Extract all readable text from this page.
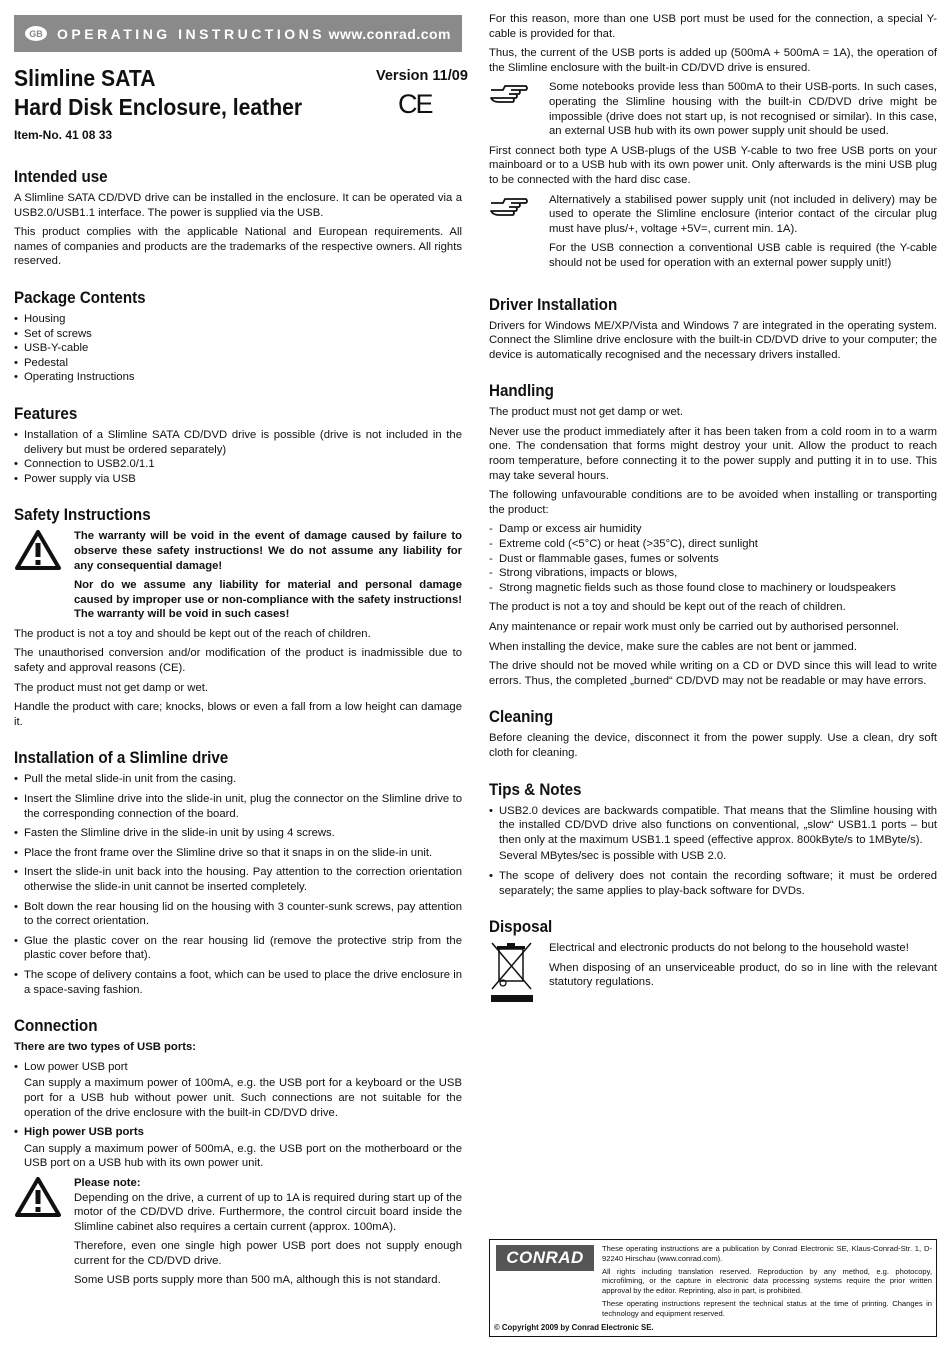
GB	OPERATING INSTRUCTIONS www.conrad.com
Slimline SATA
Hard Disk Enclosure, leather
Version 11/09
CE
Item-No. 41 08 33
Intended use

A Slimline SATA CD/DVD drive can be installed in the enclosure. It can be operated via a USB2.0/USB1.1 interface. The power is supplied via the USB.

This product complies with the applicable National and European requirements. All names of companies and products are the trademarks of the respective owners. All rights reserved.

Package Contents
• Housing
• Set of screws
• USB-Y-cable
• Pedestal
• Operating Instructions
Features
• Installation of a Slimline SATA CD/DVD drive is possible (drive is not included in the delivery but must be ordered separately)
• Connection to USB2.0/1.1
• Power supply via USB
Safety Instructions

The warranty will be void in the event of damage caused by failure to observe these safety instructions! We do not assume any liability for any consequential damage!

Nor do we assume any liability for material and personal damage caused by improper use or non-compliance with the safety instructions! The warranty will be void in such cases!

The product is not a toy and should be kept out of the reach of children.

The unauthorised conversion and/or modification of the product is inadmissible due to safety and approval reasons (CE).

The product must not get damp or wet.

Handle the product with care; knocks, blows or even a fall from a low height can damage it.

Installation of a Slimline drive
• Pull the metal slide-in unit from the casing.
• Insert the Slimline drive into the slide-in unit, plug the connector on the Slimline drive to the corresponding connection of the board.
• Fasten the Slimline drive in the slide-in unit by using 4 screws.
• Place the front frame over the Slimline drive so that it snaps in on the slide-in unit.
• Insert the slide-in unit back into the housing. Pay attention to the correction orientation otherwise the slide-in unit cannot be inserted completely.
• Bolt down the rear housing lid on the housing with 3 counter-sunk screws, pay attention to the correct orientation.
• Glue the plastic cover on the rear housing lid (remove the protective strip from the plastic cover before that).
• The scope of delivery contains a foot, which can be used to place the drive enclosure in a space-saving fashion.
Connection

There are two types of USB ports:

• Low power USB port

Can supply a maximum power of 100mA, e.g. the USB port for a keyboard or the USB port for a USB hub without power unit. Such connections are not suitable for the operation of the drive enclosure with the built-in CD/DVD drive.

• High power USB ports

Can supply a maximum power of 500mA, e.g. the USB port on the motherboard or the USB port on a USB hub with its own power unit.

Please note:

Depending on the drive, a current of up to 1A is required during start up of the motor of the CD/DVD drive. Furthermore, the control circuit board inside the Slimline cabinet also requires a certain current (approx. 100mA).

Therefore, even one single high power USB port does not supply enough current for the CD/DVD drive.

Some USB ports supply more than 500 mA, although this is not standard.

For this reason, more than one USB port must be used for the connection, a special Y-cable is provided for that.

Thus, the current of the USB ports is added up (500mA + 500mA = 1A), the operation of the Slimline enclosure with the built-in CD/DVD drive is ensured.

Some notebooks provide less than 500mA to their USB-ports. In such cases, operating the Slimline housing with the built-in CD/DVD drive might be impossible (drive does not start up, is not recognised or similar). In this case, an external USB hub with its own power supply unit should be used.

First connect both type A USB-plugs of the USB Y-cable to two free USB ports on your mainboard or to a USB hub with its own power unit. Only afterwards is the mini USB plug to be connected with the hard disc case.

Alternatively a stabilised power supply unit (not included in delivery) may be used to operate the Slimline enclosure (interior contact of the circular plug must have plus/+, voltage +5V=, current min. 1A).

For the USB connection a conventional USB cable is required (the Y-cable should not be used for operation with an external power supply unit!)

Driver Installation

Drivers for Windows ME/XP/Vista and Windows 7 are integrated in the operating system. Connect the Slimline drive enclosure with the built-in CD/DVD drive to your computer; the device is automatically recognised and the necessary drivers installed.

Handling

The product must not get damp or wet.

Never use the product immediately after it has been taken from a cold room in to a warm one. The condensation that forms might destroy your unit. Allow the product to reach room temperature, before connecting it to the power supply and putting it in to use. This may take several hours.

The following unfavourable conditions are to be avoided when installing or transporting the product:

- Damp or excess air humidity
- Extreme cold (<5°C) or heat (>35°C), direct sunlight
- Dust or flammable gases, fumes or solvents
- Strong vibrations, impacts or blows,
- Strong magnetic fields such as those found close to machinery or loudspeakers

The product is not a toy and should be kept out of the reach of children.

Any maintenance or repair work must only be carried out by authorised personnel.

When installing the device, make sure the cables are not bent or jammed.

The drive should not be moved while writing on a CD or DVD since this will lead to write errors. Thus, the completed „burned“ CD/DVD may not be readable or may have errors.

Cleaning

Before cleaning the device, disconnect it from the power supply. Use a clean, dry soft cloth for cleaning.

Tips & Notes
• USB2.0 devices are backwards compatible. That means that the Slimline housing with the installed CD/DVD drive also functions on conventional, „slow“ USB1.1 ports – but then only at the maximum USB1.1 speed (effective approx. 800kByte/s to 1MByte/s).

Several MBytes/sec is possible with USB 2.0.

• The scope of delivery does not contain the recording software; it must be ordered separately; the same applies to play-back software for DVDs.
Disposal

Electrical and electronic products do not belong to the household waste!

When disposing of an unserviceable product, do so in line with the relevant statutory regulations.

CONRAD	These operating instructions are a publication by Conrad Electronic SE, Klaus-Conrad-Str. 1, D-92240 Hirschau (www.conrad.com).

All rights including translation reserved. Reproduction by any method, e.g. photocopy, microfilming, or the capture in electronic data processing systems require the prior written approval by the editor. Reprinting, also in part, is prohibited.

These operating instructions represent the technical status at the time of printing. Changes in technology and equipment reserved.

© Copyright 2009 by Conrad Electronic SE.
